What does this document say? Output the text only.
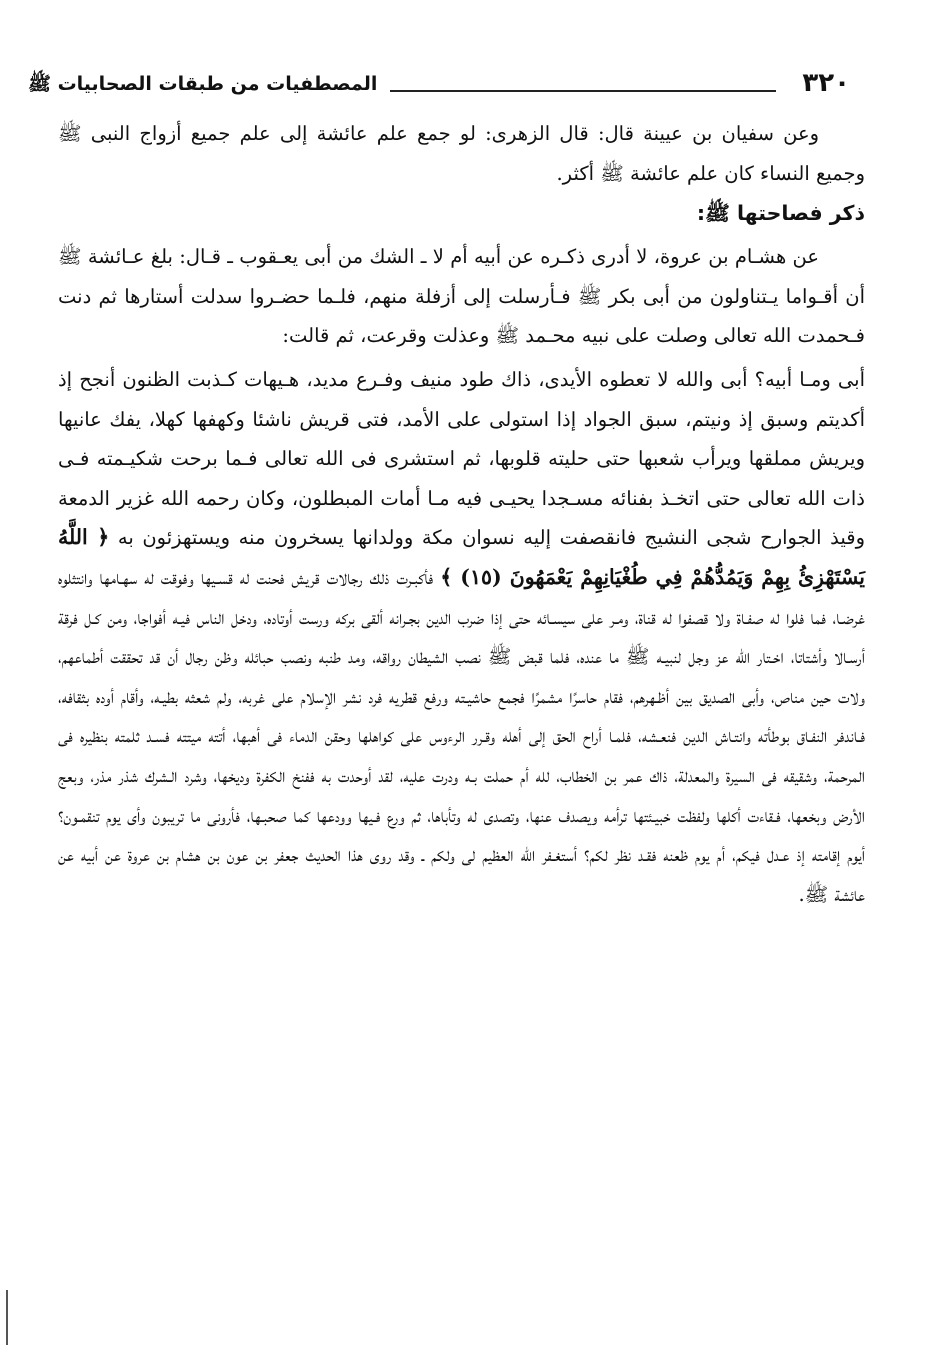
٣٢٠
المصطفيات من طبقات الصحابيات ﷺ

وعن سفيان بن عيينة قال: قال الزهرى: لو جمع علم عائشة إلى علم جميع أزواج النبى ﷺ وجميع النساء كان علم عائشة ﷺ أكثر.

ذكر فصاحتها ﷺ:

عن هشـام بن عروة، لا أدرى ذكـره عن أبيه أم لا ـ الشك من أبى يعـقوب ـ قـال: بلغ عـائشة ﷺ أن أقـواما يـتناولون من أبى بكر ﷺ فـأرسلت إلى أزفلة منهم، فلـما حضـروا سدلت أستارها ثم دنت فـحمدت الله تعالى وصلت على نبيه محـمد ﷺ وعذلت وقرعت، ثم قالت:

أبى ومـا أبيه؟ أبى والله لا تعطوه الأيدى، ذاك طود منيف وفـرع مديد، هـيهات كـذبت الظنون أنجح إذ أكديتم وسبق إذ ونيتم، سبق الجواد إذا استولى على الأمد، فتى قريش ناشئا وكهفها كهلا، يفك عانيها ويريش مملقها ويرأب شعبها حتى حليته قلوبها، ثم استشرى فى الله تعالى فـما برحت شكيـمته فـى ذات الله تعالى حتى اتخـذ بفنائه مسـجدا يحيـى فيه مـا أمات المبطلون، وكان رحمه الله غزير الدمعة وقيذ الجوارح شجى النشيج فانقصفت إليه نسوان مكة وولدانها يسخرون منه ويستهزئون به ﴿ اللَّهُ يَسْتَهْزِئُ بِهِمْ وَيَمُدُّهُمْ فِي طُغْيَانِهِمْ يَعْمَهُونَ (١٥) ﴾ فأكبـرت ذلك رجالات قريش فحنت له قسـيها وفوقت له سهـامها وانتثلوه غرضـا، فما فلوا له صفـاة ولا قصفوا له قناة، ومـر على سيسـائه حتى إذا ضرب الدين بجـرانه ألقى بركه ورست أوتاده، ودخل الناس فيـه أفواجا، ومن كـل فرقة أرسـالا وأشتاتا، اخـتار الله عز وجل لنبيـه ﷺ ما عنده، فلما قبض ﷺ نصب الشيطان رواقه، ومد طنبه ونصب حبائله وظن رجال أن قد تحققت أطماعهم، ولات حين مناص، وأبى الصديق بين أظـهرهم، فقام حاسرًا مشمرًا فجمع حاشيـته ورفع قطريه فرد نشر الإسلام على غربه، ولم شعثه بطيـه، وأقام أوده بثقافه، فـاندفر النفـاق بوطأته وانتـاش الدين فنعـشه، فلمـا أراح الحق إلى أهله وقـرر الرءوس على كواهلها وحقن الدماء فى أهبها، أتته ميتته فسـد ثلمته بنظيره فى المرحمة، وشقيقه فى السيرة والمعدلة، ذاك عمر بن الخطاب، لله أم حملت بـه ودرت عليه، لقد أوحدت به ففنخ الكفرة وديخها، وشرد الـشرك شذر مذر، وبعج الأرض وبخعها، فـقاءت أكلها ولفظت خبيـئتها ترأمه ويصدف عنها، وتصدى له وتأباها، ثم ورع فـيها وودعها كما صحبـها، فأرونى ما تريبون وأى يوم تنقمـون؟ أيوم إقامته إذ عـدل فيكم، أم يوم ظعنه فقـد نظر لكم؟ أستغـفر الله العظيم لى ولكم ـ وقد روى هذا الحديث جعفر بن عون بن هشام بن عروة عن أبيه عن عائشة ﷺ.
